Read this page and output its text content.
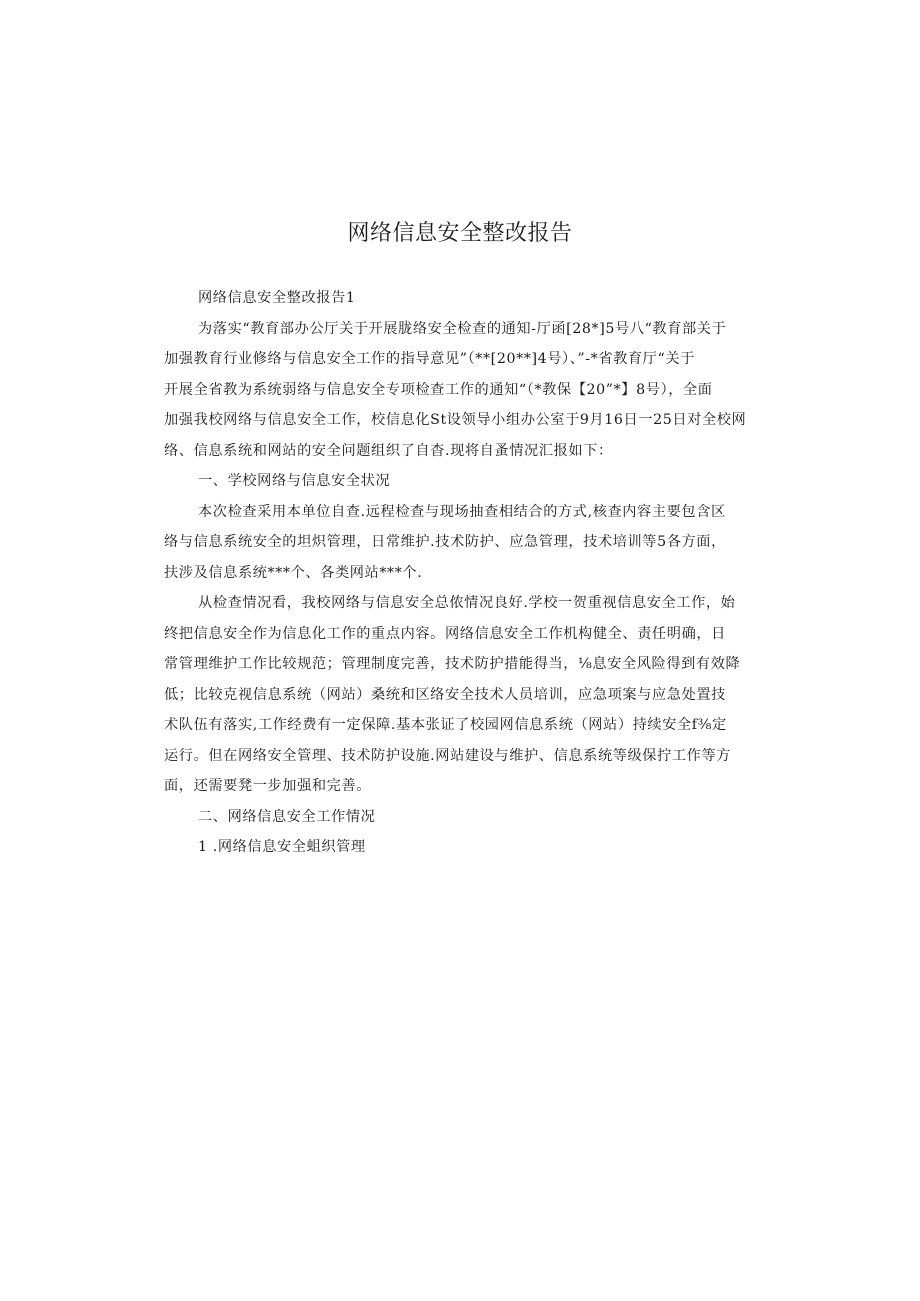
网络信息安全整改报告
网络信息安全整改报告1
为落实“教育部办公厅关于开展胧络安全检查的通知-厅函[28*]5号八“教育部关于
加强教育行业修络与信息安全工作的指导意见”（**[20**]4号）、”-*省教育厅“关于
开展全省教为系统弱络与信息安全专项检查工作的通知“（*教保【20”*】8号），全面
加强我校网络与信息安全工作，校信息化St设领导小组办公室于9月16日一25日对全校网
络、信息系统和网站的安全问题组织了自杳.现将自蚤情况汇报如下：
一、学校网络与信息安全状况
本次检查采用本单位自查.远程检查与现场抽查相结合的方式,核查内容主要包含区
络与信息系统安全的坦炽管理，日常维护.技术防护、应急管理，技术培训等5各方面，
扶涉及信息系统***个、各类网站***个.
从检查情况看，我校网络与信息安全总侬情况良好.学校一贺重视信息安全工作，始
终把信息安全作为信息化工作的重点内容。网络信息安全工作机构健全、责任明确，日
常管理维护工作比较规范；管理制度完善，技术防护措能得当，⅛息安全风险得到有效降
低；比较克视信息系统（网站）桑统和区络安全技术人员培训，应急项案与应急处置技
术队伍有落实,工作经费有一定保障.基本张证了校园网信息系统（网站）持续安全f⅜定
运行。但在网络安全管理、技术防护设施.网站建设与维护、信息系统等级保拧工作等方
面，还需要凳一步加强和完善。
二、网络信息安全工作情况
1 .网络信息安全蛆织管理
